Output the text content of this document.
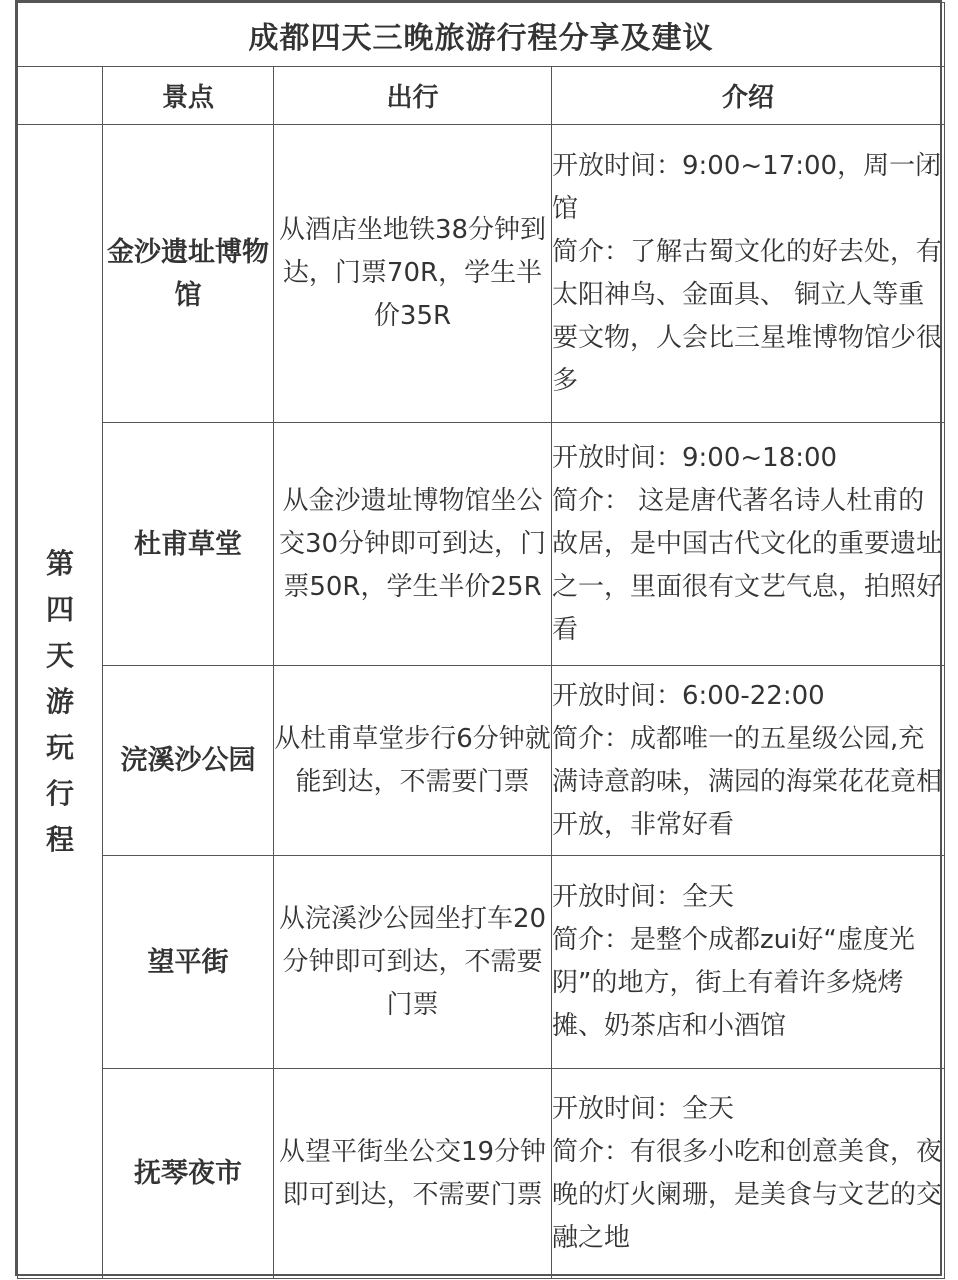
成都四天三晚旅游行程分享及建议			
	景点	出行	介绍
第四天游玩行程	金沙遗址博物馆	从酒店坐地铁38分钟到达，门票70R，学生半价35R	开放时间：9:00~17:00，周一闭馆
简介：了解古蜀文化的好去处，有太阳神鸟、金面具、 铜立人等重要文物，人会比三星堆博物馆少很多

	杜甫草堂	从金沙遗址博物馆坐公交30分钟即可到达，门票50R，学生半价25R	开放时间：9:00~18:00
简介： 这是唐代著名诗人杜甫的故居，是中国古代文化的重要遗址之一，里面很有文艺气息，拍照好看

	浣溪沙公园	从杜甫草堂步行6分钟就能到达，不需要门票	开放时间：6:00-22:00
简介：成都唯一的五星级公园,充满诗意韵味，满园的海棠花花竟相开放，非常好看

	望平街	从浣溪沙公园坐打车20分钟即可到达，不需要门票	开放时间：全天
简介：是整个成都zui好“虚度光阴”的地方，街上有着许多烧烤摊、奶茶店和小酒馆

	抚琴夜市	从望平街坐公交19分钟即可到达，不需要门票	开放时间：全天
简介：有很多小吃和创意美食，夜晚的灯火阑珊，是美食与文艺的交融之地
